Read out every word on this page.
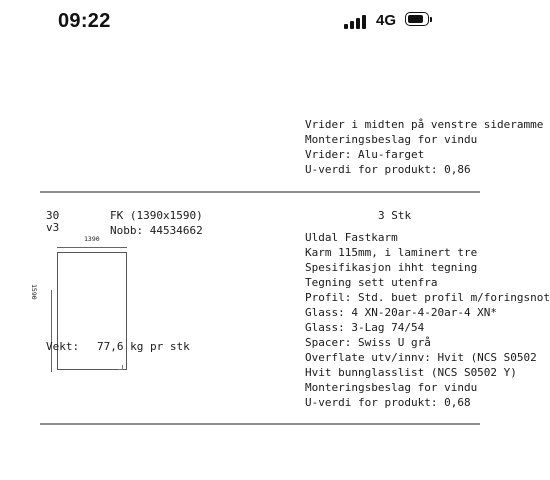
09:22	4G
Vrider i midten på venstre sideramme
Monteringsbeslag for vindu
Vrider: Alu-farget
U-verdi for produkt: 0,86
30
v3
FK (1390x1590)
Nobb: 44534662
3 Stk
1390
1590
Vekt: 77,6 kg pr stk
Uldal Fastkarm
Karm 115mm, i laminert tre
Spesifikasjon ihht tegning
Tegning sett utenfra
Profil: Std. buet profil m/foringsnot
Glass: 4 XN-20ar-4-20ar-4 XN*
Glass: 3-Lag 74/54
Spacer: Swiss U grå
Overflate utv/innv: Hvit (NCS S0502
Hvit bunnglasslist (NCS S0502 Y)
Monteringsbeslag for vindu
U-verdi for produkt: 0,68
